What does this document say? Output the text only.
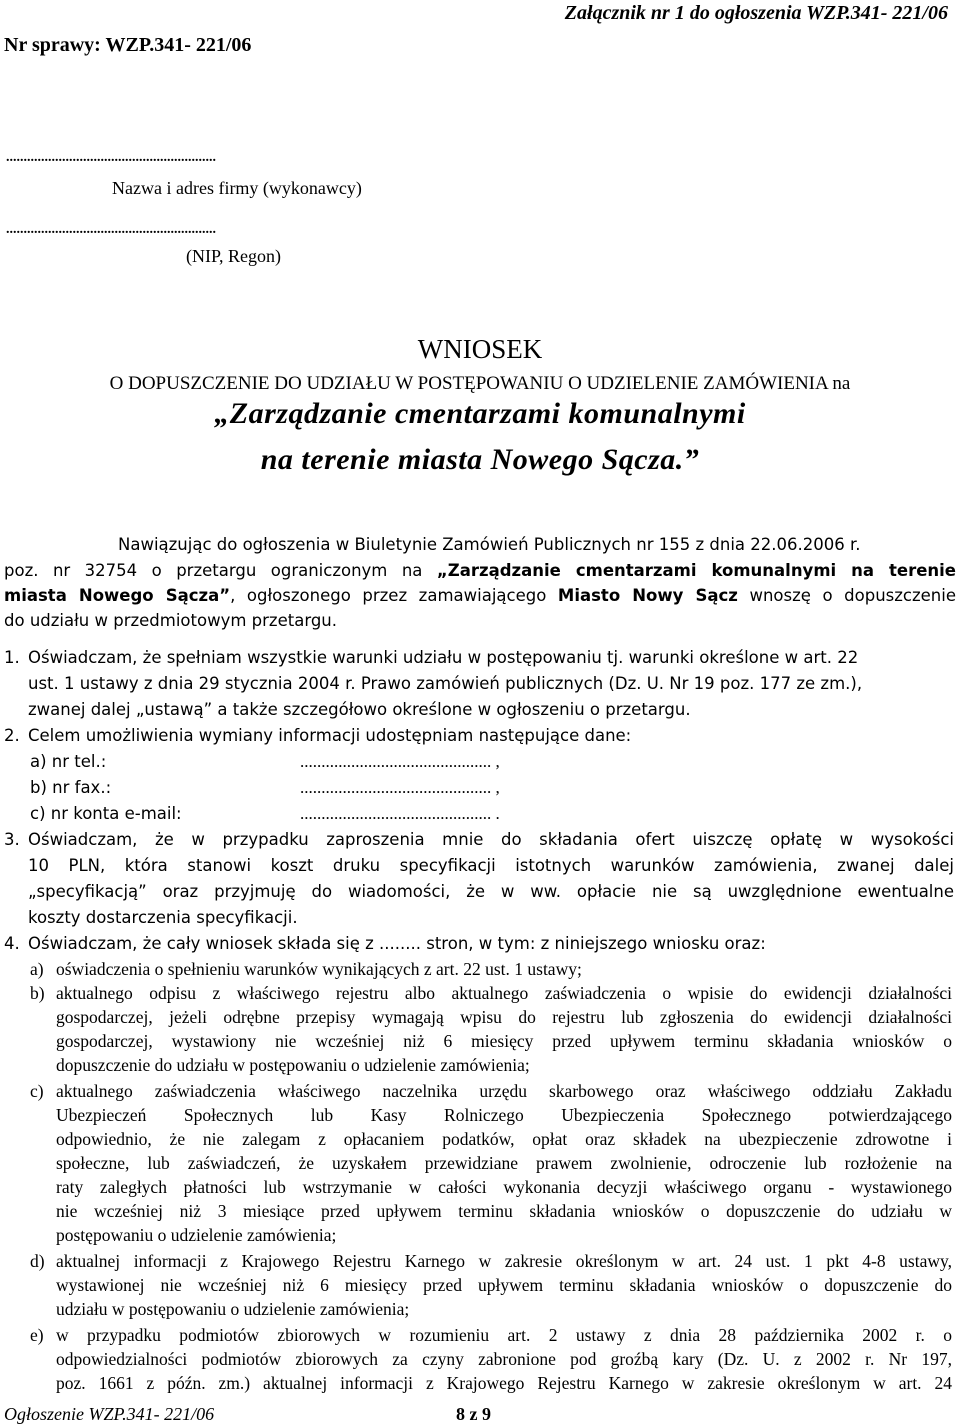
Załącznik nr 1 do ogłoszenia WZP.341- 221/06
Nr sprawy: WZP.341- 221/06
............................................................
Nazwa i adres firmy (wykonawcy)
............................................................
(NIP, Regon)
WNIOSEK
O DOPUSZCZENIE DO UDZIAŁU W POSTĘPOWANIU O UDZIELENIE ZAMÓWIENIA na
„Zarządzanie cmentarzami komunalnymi
na terenie miasta Nowego Sącza.”
Nawiązując do ogłoszenia w Biuletynie Zamówień Publicznych nr 155 z dnia 22.06.2006 r.
poz. nr 32754 o przetargu ograniczonym na „Zarządzanie cmentarzami komunalnymi na terenie
miasta Nowego Sącza”, ogłoszonego przez zamawiającego Miasto Nowy Sącz wnoszę o dopuszczenie
do udziału w przedmiotowym przetargu.
1. Oświadczam, że spełniam wszystkie warunki udziału w postępowaniu tj. warunki określone w art. 22
ust. 1 ustawy z dnia 29 stycznia 2004 r. Prawo zamówień publicznych (Dz. U. Nr 19 poz. 177 ze zm.),
zwanej dalej „ustawą” a także szczegółowo określone w ogłoszeniu o przetargu.
2. Celem umożliwienia wymiany informacji udostępniam następujące dane:
a) nr tel.:	............................................. ,
b) nr fax.:	............................................. ,
c) nr konta e-mail:	............................................. .
3. Oświadczam, że w przypadku zaproszenia mnie do składania ofert uiszczę opłatę w wysokości
10 PLN, która stanowi koszt druku specyfikacji istotnych warunków zamówienia, zwanej dalej
„specyfikacją” oraz przyjmuję do wiadomości, że w ww. opłacie nie są uwzględnione ewentualne
koszty dostarczenia specyfikacji.
4. Oświadczam, że cały wniosek składa się z ........ stron, w tym: z niniejszego wniosku oraz:
a) oświadczenia o spełnieniu warunków wynikających z art. 22 ust. 1 ustawy;
b) aktualnego odpisu z właściwego rejestru albo aktualnego zaświadczenia o wpisie do ewidencji działalności
gospodarczej, jeżeli odrębne przepisy wymagają wpisu do rejestru lub zgłoszenia do ewidencji działalności
gospodarczej, wystawiony nie wcześniej niż 6 miesięcy przed upływem terminu składania wniosków o
dopuszczenie do udziału w postępowaniu o udzielenie zamówienia;
c) aktualnego zaświadczenia właściwego naczelnika urzędu skarbowego oraz właściwego oddziału Zakładu
Ubezpieczeń Społecznych lub Kasy Rolniczego Ubezpieczenia Społecznego potwierdzającego
odpowiednio, że nie zalegam z opłacaniem podatków, opłat oraz składek na ubezpieczenie zdrowotne i
społeczne, lub zaświadczeń, że uzyskałem przewidziane prawem zwolnienie, odroczenie lub rozłożenie na
raty zaległych płatności lub wstrzymanie w całości wykonania decyzji właściwego organu - wystawionego
nie wcześniej niż 3 miesiące przed upływem terminu składania wniosków o dopuszczenie do udziału w
postępowaniu o udzielenie zamówienia;
d) aktualnej informacji z Krajowego Rejestru Karnego w zakresie określonym w art. 24 ust. 1 pkt 4-8 ustawy,
wystawionej nie wcześniej niż 6 miesięcy przed upływem terminu składania wniosków o dopuszczenie do
udziału w postępowaniu o udzielenie zamówienia;
e) w przypadku podmiotów zbiorowych w rozumieniu art. 2 ustawy z dnia 28 października 2002 r. o
odpowiedzialności podmiotów zbiorowych za czyny zabronione pod groźbą kary (Dz. U. z 2002 r. Nr 197,
poz. 1661 z późn. zm.) aktualnej informacji z Krajowego Rejestru Karnego w zakresie określonym w art. 24
Ogłoszenie WZP.341- 221/06	8 z 9
